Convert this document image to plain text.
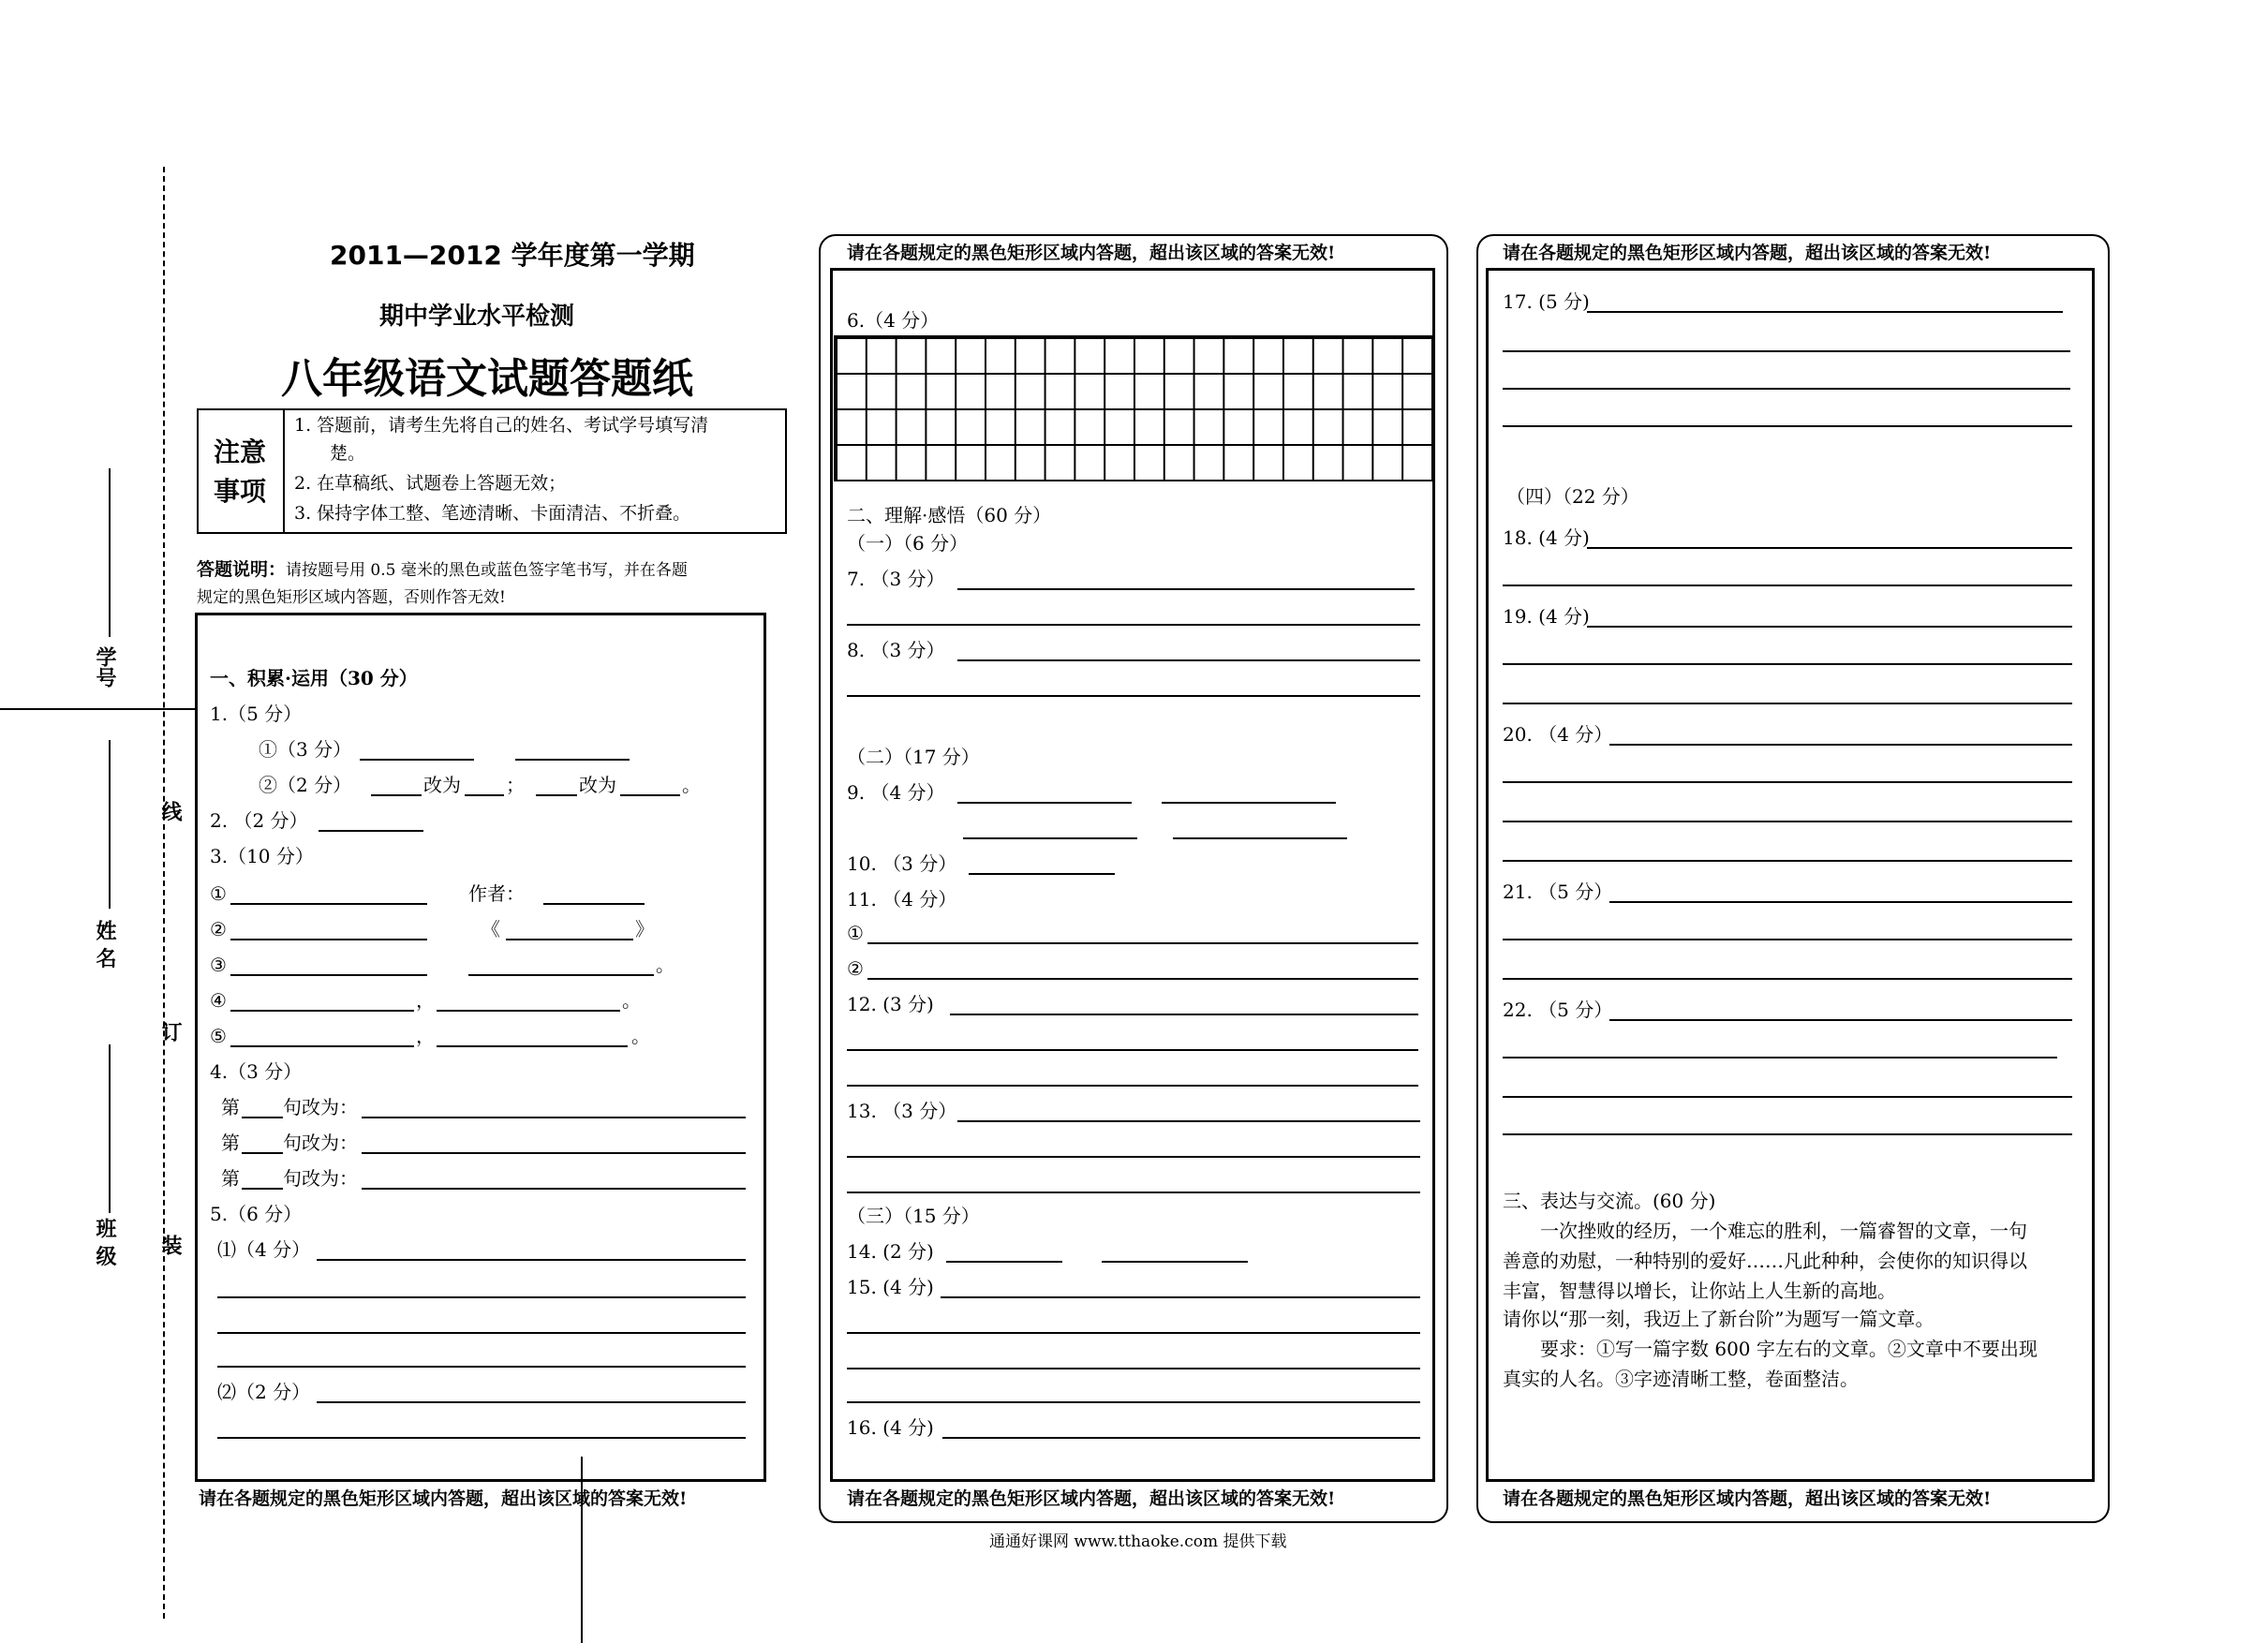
学号
姓 名
班 级
线
订
装
2011—2012 学年度第一学期
期中学业水平检测
八年级语文试题答题纸
注意
事项
1. 答题前，请考生先将自己的姓名、考试学号填写清
楚。
2. 在草稿纸、试题卷上答题无效；
3. 保持字体工整、笔迹清晰、卡面清洁、不折叠。
答题说明：请按题号用 0.5 毫米的黑色或蓝色签字笔书写，并在各题
规定的黑色矩形区域内答题，否则作答无效!
一、积累·运用（30 分）
1.（5 分）
①（3 分）
②（2 分）	改为 ；	改为	。
2. （2 分）
3.（10 分）
①	作者：
②	《	》
③	。
④	，	。
⑤	，	。
4.（3 分）
第 句改为：
第 句改为：
第 句改为：
5.（6 分）
⑴（4 分）
⑵（2 分）
请在各题规定的黑色矩形区域内答题，超出该区域的答案无效!
请在各题规定的黑色矩形区域内答题，超出该区域的答案无效!
请在各题规定的黑色矩形区域内答题，超出该区域的答案无效!
6.（4 分）
二、理解·感悟（60 分）
（一）（6 分）
7. （3 分）
8. （3 分）
（二）（17 分）
9. （4 分）
10. （3 分）
11. （4 分）
①
②
12. (3 分)
13. （3 分）
（三）（15 分）
14. (2 分)
15. (4 分)
16. (4 分)
请在各题规定的黑色矩形区域内答题，超出该区域的答案无效!
请在各题规定的黑色矩形区域内答题，超出该区域的答案无效!
17. (5 分)
（四）（22 分）
18. (4 分)
19. (4 分)
20. （4 分）
21. （5 分）
22. （5 分）
三、表达与交流。(60 分)
一次挫败的经历，一个难忘的胜利，一篇睿智的文章，一句
善意的劝慰，一种特别的爱好……凡此种种，会使你的知识得以
丰富，智慧得以增长，让你站上人生新的高地。
请你以“那一刻，我迈上了新台阶”为题写一篇文章。
要求：①写一篇字数 600 字左右的文章。②文章中不要出现
真实的人名。③字迹清晰工整，卷面整洁。
通通好课网 www.tthaoke.com 提供下载
